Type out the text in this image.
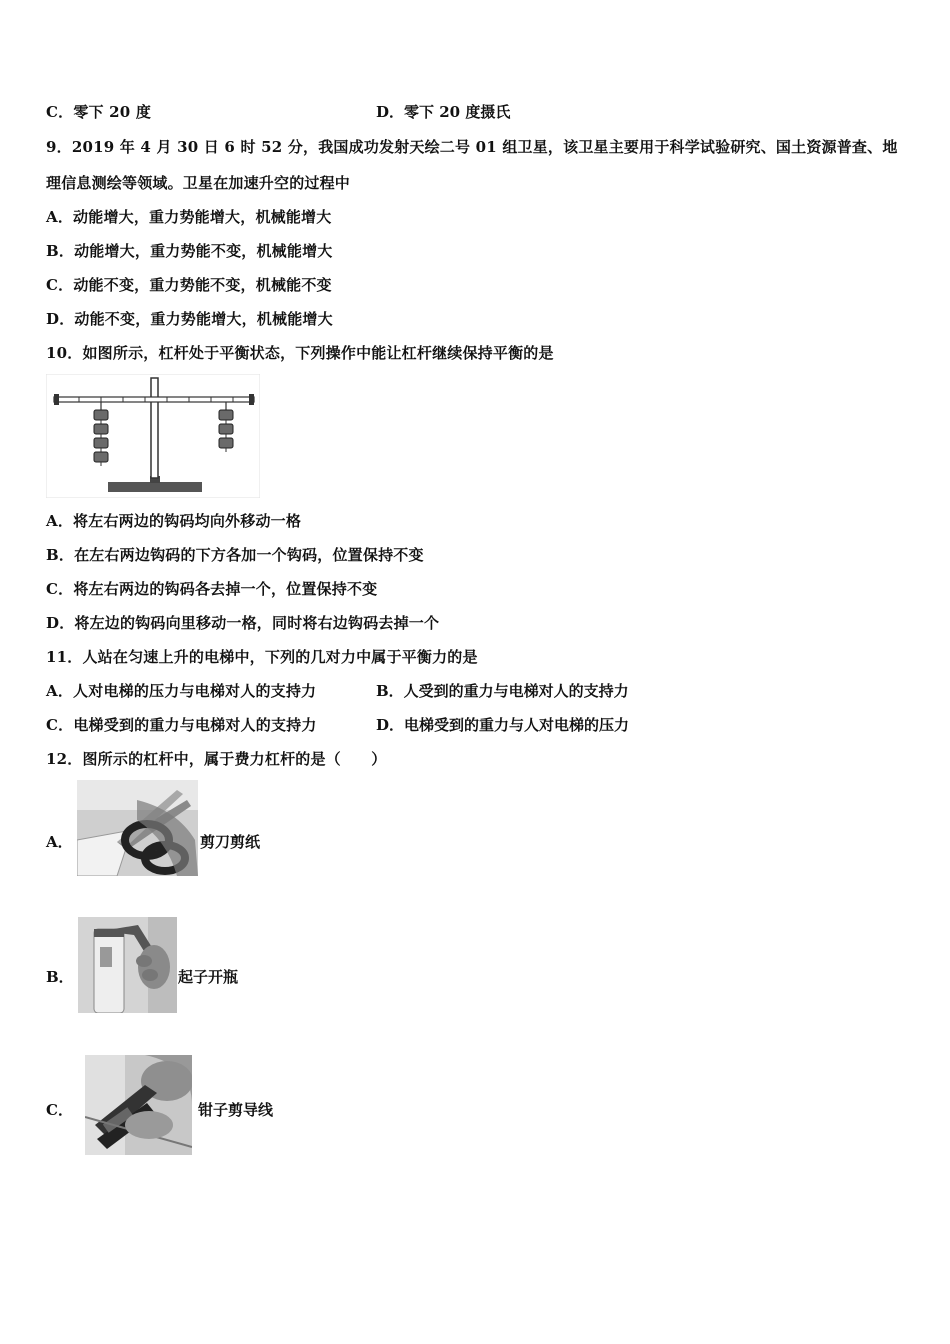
C．零下 20 度	D．零下 20 度摄氏
9．2019 年 4 月 30 日 6 时 52 分，我国成功发射天绘二号 01 组卫星，该卫星主要用于科学试验研究、国土资源普查、地
理信息测绘等领域。卫星在加速升空的过程中
A．动能增大，重力势能增大，机械能增大
B．动能增大，重力势能不变，机械能增大
C．动能不变，重力势能不变，机械能不变
D．动能不变，重力势能增大，机械能增大
10．如图所示，杠杆处于平衡状态，下列操作中能让杠杆继续保持平衡的是
A．将左右两边的钩码均向外移动一格
B．在左右两边钩码的下方各加一个钩码，位置保持不变
C．将左右两边的钩码各去掉一个，位置保持不变
D．将左边的钩码向里移动一格，同时将右边钩码去掉一个
11．人站在匀速上升的电梯中，下列的几对力中属于平衡力的是
A．人对电梯的压力与电梯对人的支持力	B．人受到的重力与电梯对人的支持力
C．电梯受到的重力与电梯对人的支持力	D．电梯受到的重力与人对电梯的压力
12．图所示的杠杆中，属于费力杠杆的是（　　）
A．	剪刀剪纸
B．	起子开瓶
C．	钳子剪导线
